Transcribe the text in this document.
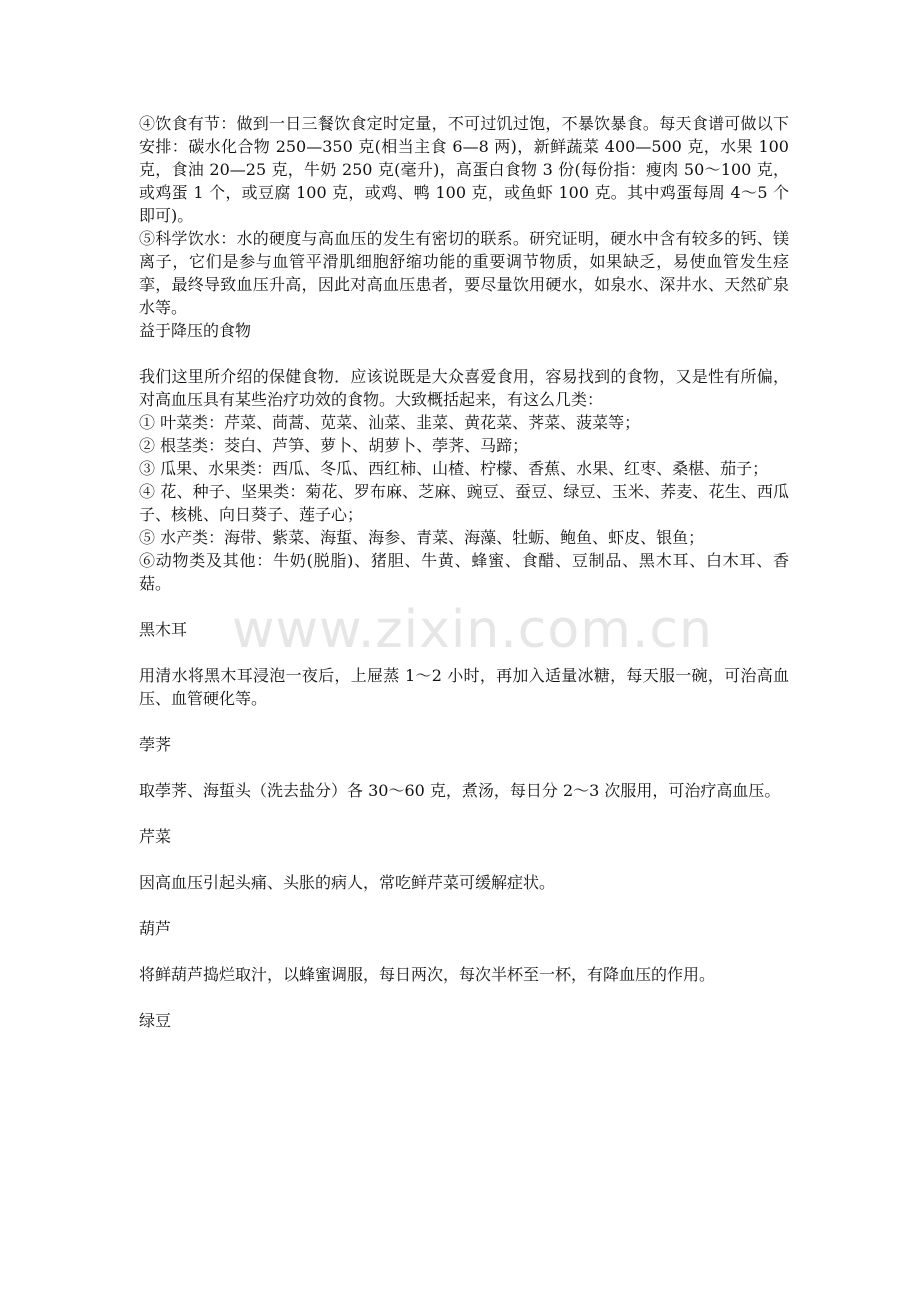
④饮食有节：做到一日三餐饮食定时定量，不可过饥过饱，不暴饮暴食。每天食谱可做以下安排：碳水化合物 250—350 克(相当主食 6—8 两)，新鲜蔬菜 400—500 克，水果 100 克，食油 20—25 克，牛奶 250 克(毫升)，高蛋白食物 3 份(每份指：瘦肉 50～100 克，或鸡蛋 1 个，或豆腐 100 克，或鸡、鸭 100 克，或鱼虾 100 克。其中鸡蛋每周 4～5 个即可)。

⑤科学饮水：水的硬度与高血压的发生有密切的联系。研究证明，硬水中含有较多的钙、镁离子，它们是参与血管平滑肌细胞舒缩功能的重要调节物质，如果缺乏，易使血管发生痉挛，最终导致血压升高，因此对高血压患者，要尽量饮用硬水，如泉水、深井水、天然矿泉水等。

益于降压的食物

我们这里所介绍的保健食物．应该说既是大众喜爱食用，容易找到的食物，又是性有所偏，对高血压具有某些治疗功效的食物。大致概括起来，有这么几类：

① 叶菜类：芹菜、茼蒿、苋菜、汕菜、韭菜、黄花菜、荠菜、菠菜等；

② 根茎类：茭白、芦笋、萝卜、胡萝卜、荸荠、马蹄；

③ 瓜果、水果类：西瓜、冬瓜、西红柿、山楂、柠檬、香蕉、水果、红枣、桑椹、茄子；

④ 花、种子、坚果类：菊花、罗布麻、芝麻、豌豆、蚕豆、绿豆、玉米、荞麦、花生、西瓜子、核桃、向日葵子、莲子心；

⑤ 水产类：海带、紫菜、海蜇、海参、青菜、海藻、牡蛎、鲍鱼、虾皮、银鱼；

⑥动物类及其他：牛奶(脱脂)、猪胆、牛黄、蜂蜜、食醋、豆制品、黑木耳、白木耳、香菇。

黑木耳

用清水将黑木耳浸泡一夜后，上屉蒸 1～2 小时，再加入适量冰糖，每天服一碗，可治高血压、血管硬化等。

荸荠

取荸荠、海蜇头（洗去盐分）各 30～60 克，煮汤，每日分 2～3 次服用，可治疗高血压。

芹菜

因高血压引起头痛、头胀的病人，常吃鲜芹菜可缓解症状。

葫芦

将鲜葫芦捣烂取汁，以蜂蜜调服，每日两次，每次半杯至一杯，有降血压的作用。

绿豆

www.zixin.com.cn
